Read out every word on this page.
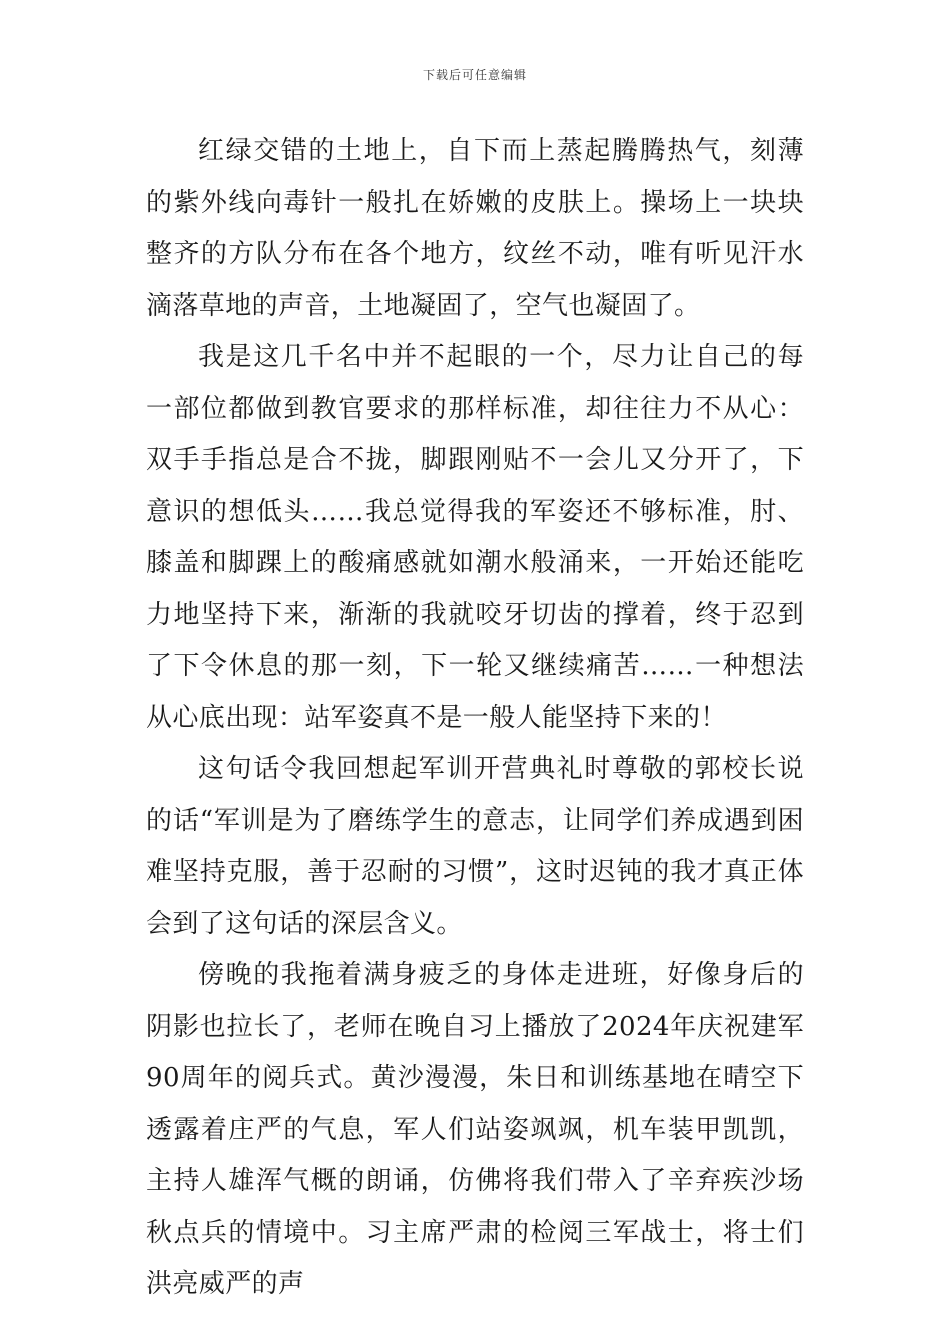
下载后可任意编辑

红绿交错的土地上，自下而上蒸起腾腾热气，刻薄的紫外线向毒针一般扎在娇嫩的皮肤上。操场上一块块整齐的方队分布在各个地方，纹丝不动，唯有听见汗水滴落草地的声音，土地凝固了，空气也凝固了。

我是这几千名中并不起眼的一个，尽力让自己的每一部位都做到教官要求的那样标准，却往往力不从心：双手手指总是合不拢，脚跟刚贴不一会儿又分开了，下意识的想低头……我总觉得我的军姿还不够标准，肘、膝盖和脚踝上的酸痛感就如潮水般涌来，一开始还能吃力地坚持下来，渐渐的我就咬牙切齿的撑着，终于忍到了下令休息的那一刻，下一轮又继续痛苦……一种想法从心底出现：站军姿真不是一般人能坚持下来的！

这句话令我回想起军训开营典礼时尊敬的郭校长说的话“军训是为了磨练学生的意志，让同学们养成遇到困难坚持克服，善于忍耐的习惯”，这时迟钝的我才真正体会到了这句话的深层含义。

傍晚的我拖着满身疲乏的身体走进班，好像身后的阴影也拉长了，老师在晚自习上播放了2024年庆祝建军90周年的阅兵式。黄沙漫漫，朱日和训练基地在晴空下透露着庄严的气息，军人们站姿飒飒，机车装甲凯凯，主持人雄浑气概的朗诵，仿佛将我们带入了辛弃疾沙场秋点兵的情境中。习主席严肃的检阅三军战士，将士们洪亮威严的声
